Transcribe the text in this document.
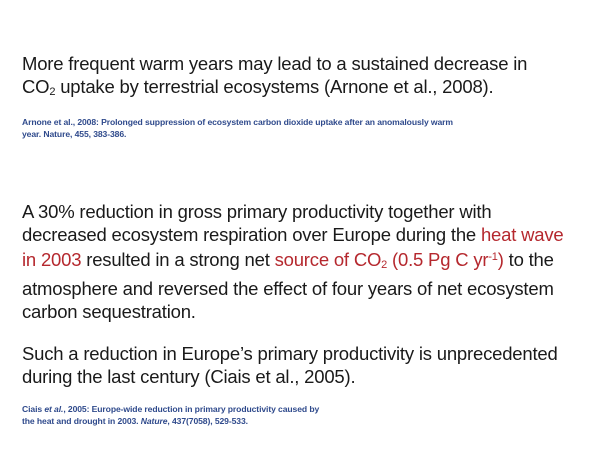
More frequent warm years may lead to a sustained decrease in
$CO_2$ uptake by terrestrial ecosystems (Arnone et al., 2008).

Arnone et al., 2008: Prolonged suppression of ecosystem carbon dioxide uptake after an anomalously warm
year. Nature, 455, 383-386.

A 30% reduction in gross primary productivity together with
decreased ecosystem respiration over Europe during the heat wave
in 2003 resulted in a strong net source of $CO_2$ (0.5 Pg C $yr^{-1}$) to the
atmosphere and reversed the effect of four years of net ecosystem
carbon sequestration.

Such a reduction in Europe’s primary productivity is unprecedented
during the last century (Ciais et al., 2005).

Ciais et al., 2005: Europe-wide reduction in primary productivity caused by
the heat and drought in 2003. Nature, 437(7058), 529-533.
